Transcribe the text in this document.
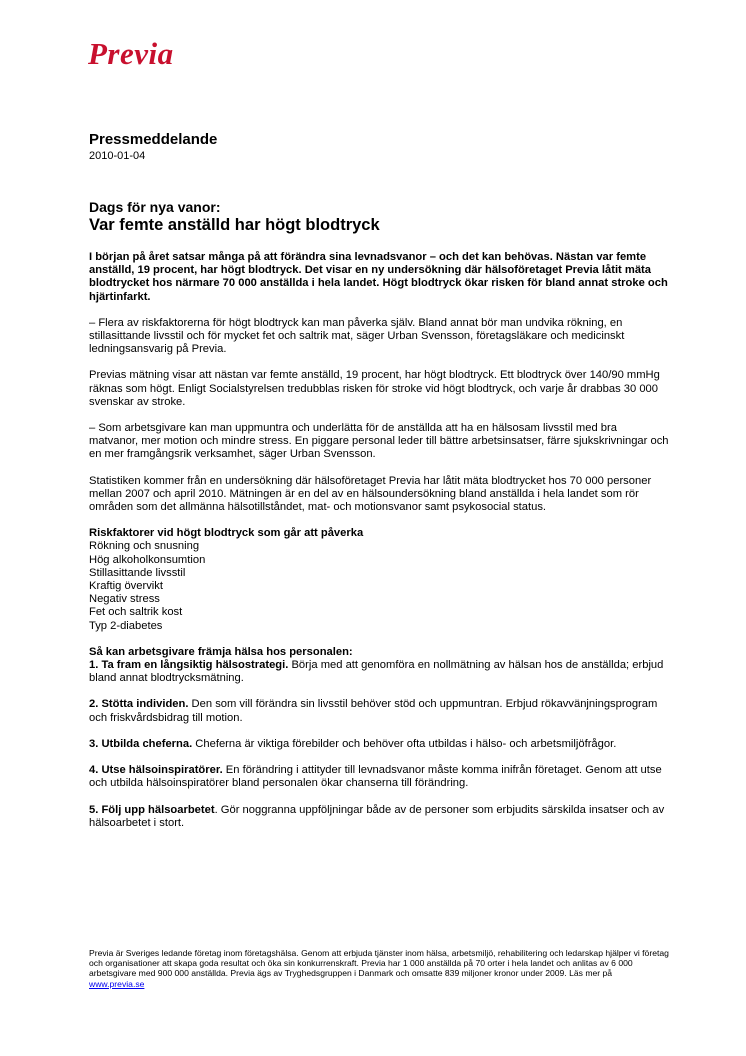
Previa
Pressmeddelande
2010-01-04
Dags för nya vanor:
Var femte anställd har högt blodtryck

I början på året satsar många på att förändra sina levnadsvanor – och det kan behövas. Nästan var femte anställd, 19 procent, har högt blodtryck. Det visar en ny undersökning där hälsoföretaget Previa låtit mäta blodtrycket hos närmare 70 000 anställda i hela landet. Högt blodtryck ökar risken för bland annat stroke och hjärtinfarkt.

– Flera av riskfaktorerna för högt blodtryck kan man påverka själv. Bland annat bör man undvika rökning, en stillasittande livsstil och för mycket fet och saltrik mat, säger Urban Svensson, företagsläkare och medicinskt ledningsansvarig på Previa.

Previas mätning visar att nästan var femte anställd, 19 procent, har högt blodtryck. Ett blodtryck över 140/90 mmHg räknas som högt. Enligt Socialstyrelsen tredubblas risken för stroke vid högt blodtryck, och varje år drabbas 30 000 svenskar av stroke.

– Som arbetsgivare kan man uppmuntra och underlätta för de anställda att ha en hälsosam livsstil med bra matvanor, mer motion och mindre stress. En piggare personal leder till bättre arbetsinsatser, färre sjukskrivningar och en mer framgångsrik verksamhet, säger Urban Svensson.

Statistiken kommer från en undersökning där hälsoföretaget Previa har låtit mäta blodtrycket hos 70 000 personer mellan 2007 och april 2010. Mätningen är en del av en hälsoundersökning bland anställda i hela landet som rör områden som det allmänna hälsotillståndet, mat- och motionsvanor samt psykosocial status.

Riskfaktorer vid högt blodtryck som går att påverka
Rökning och snusning
Hög alkoholkonsumtion
Stillasittande livsstil
Kraftig övervikt
Negativ stress
Fet och saltrik kost
Typ 2-diabetes

Så kan arbetsgivare främja hälsa hos personalen:
1. Ta fram en långsiktig hälsostrategi. Börja med att genomföra en nollmätning av hälsan hos de anställda; erbjud bland annat blodtrycksmätning.

2. Stötta individen. Den som vill förändra sin livsstil behöver stöd och uppmuntran. Erbjud rökavvänjningsprogram och friskvårdsbidrag till motion.

3. Utbilda cheferna. Cheferna är viktiga förebilder och behöver ofta utbildas i hälso- och arbetsmiljöfrågor.

4. Utse hälsoinspiratörer. En förändring i attityder till levnadsvanor måste komma inifrån företaget. Genom att utse och utbilda hälsoinspiratörer bland personalen ökar chanserna till förändring.

5. Följ upp hälsoarbetet. Gör noggranna uppföljningar både av de personer som erbjudits särskilda insatser och av hälsoarbetet i stort.

Previa är Sveriges ledande företag inom företagshälsa. Genom att erbjuda tjänster inom hälsa, arbetsmiljö, rehabilitering och ledarskap hjälper vi företag och organisationer att skapa goda resultat och öka sin konkurrenskraft. Previa har 1 000 anställda på 70 orter i hela landet och anlitas av 6 000 arbetsgivare med 900 000 anställda. Previa ägs av Tryghedsgruppen i Danmark och omsatte 839 miljoner kronor under 2009. Läs mer på www.previa.se
